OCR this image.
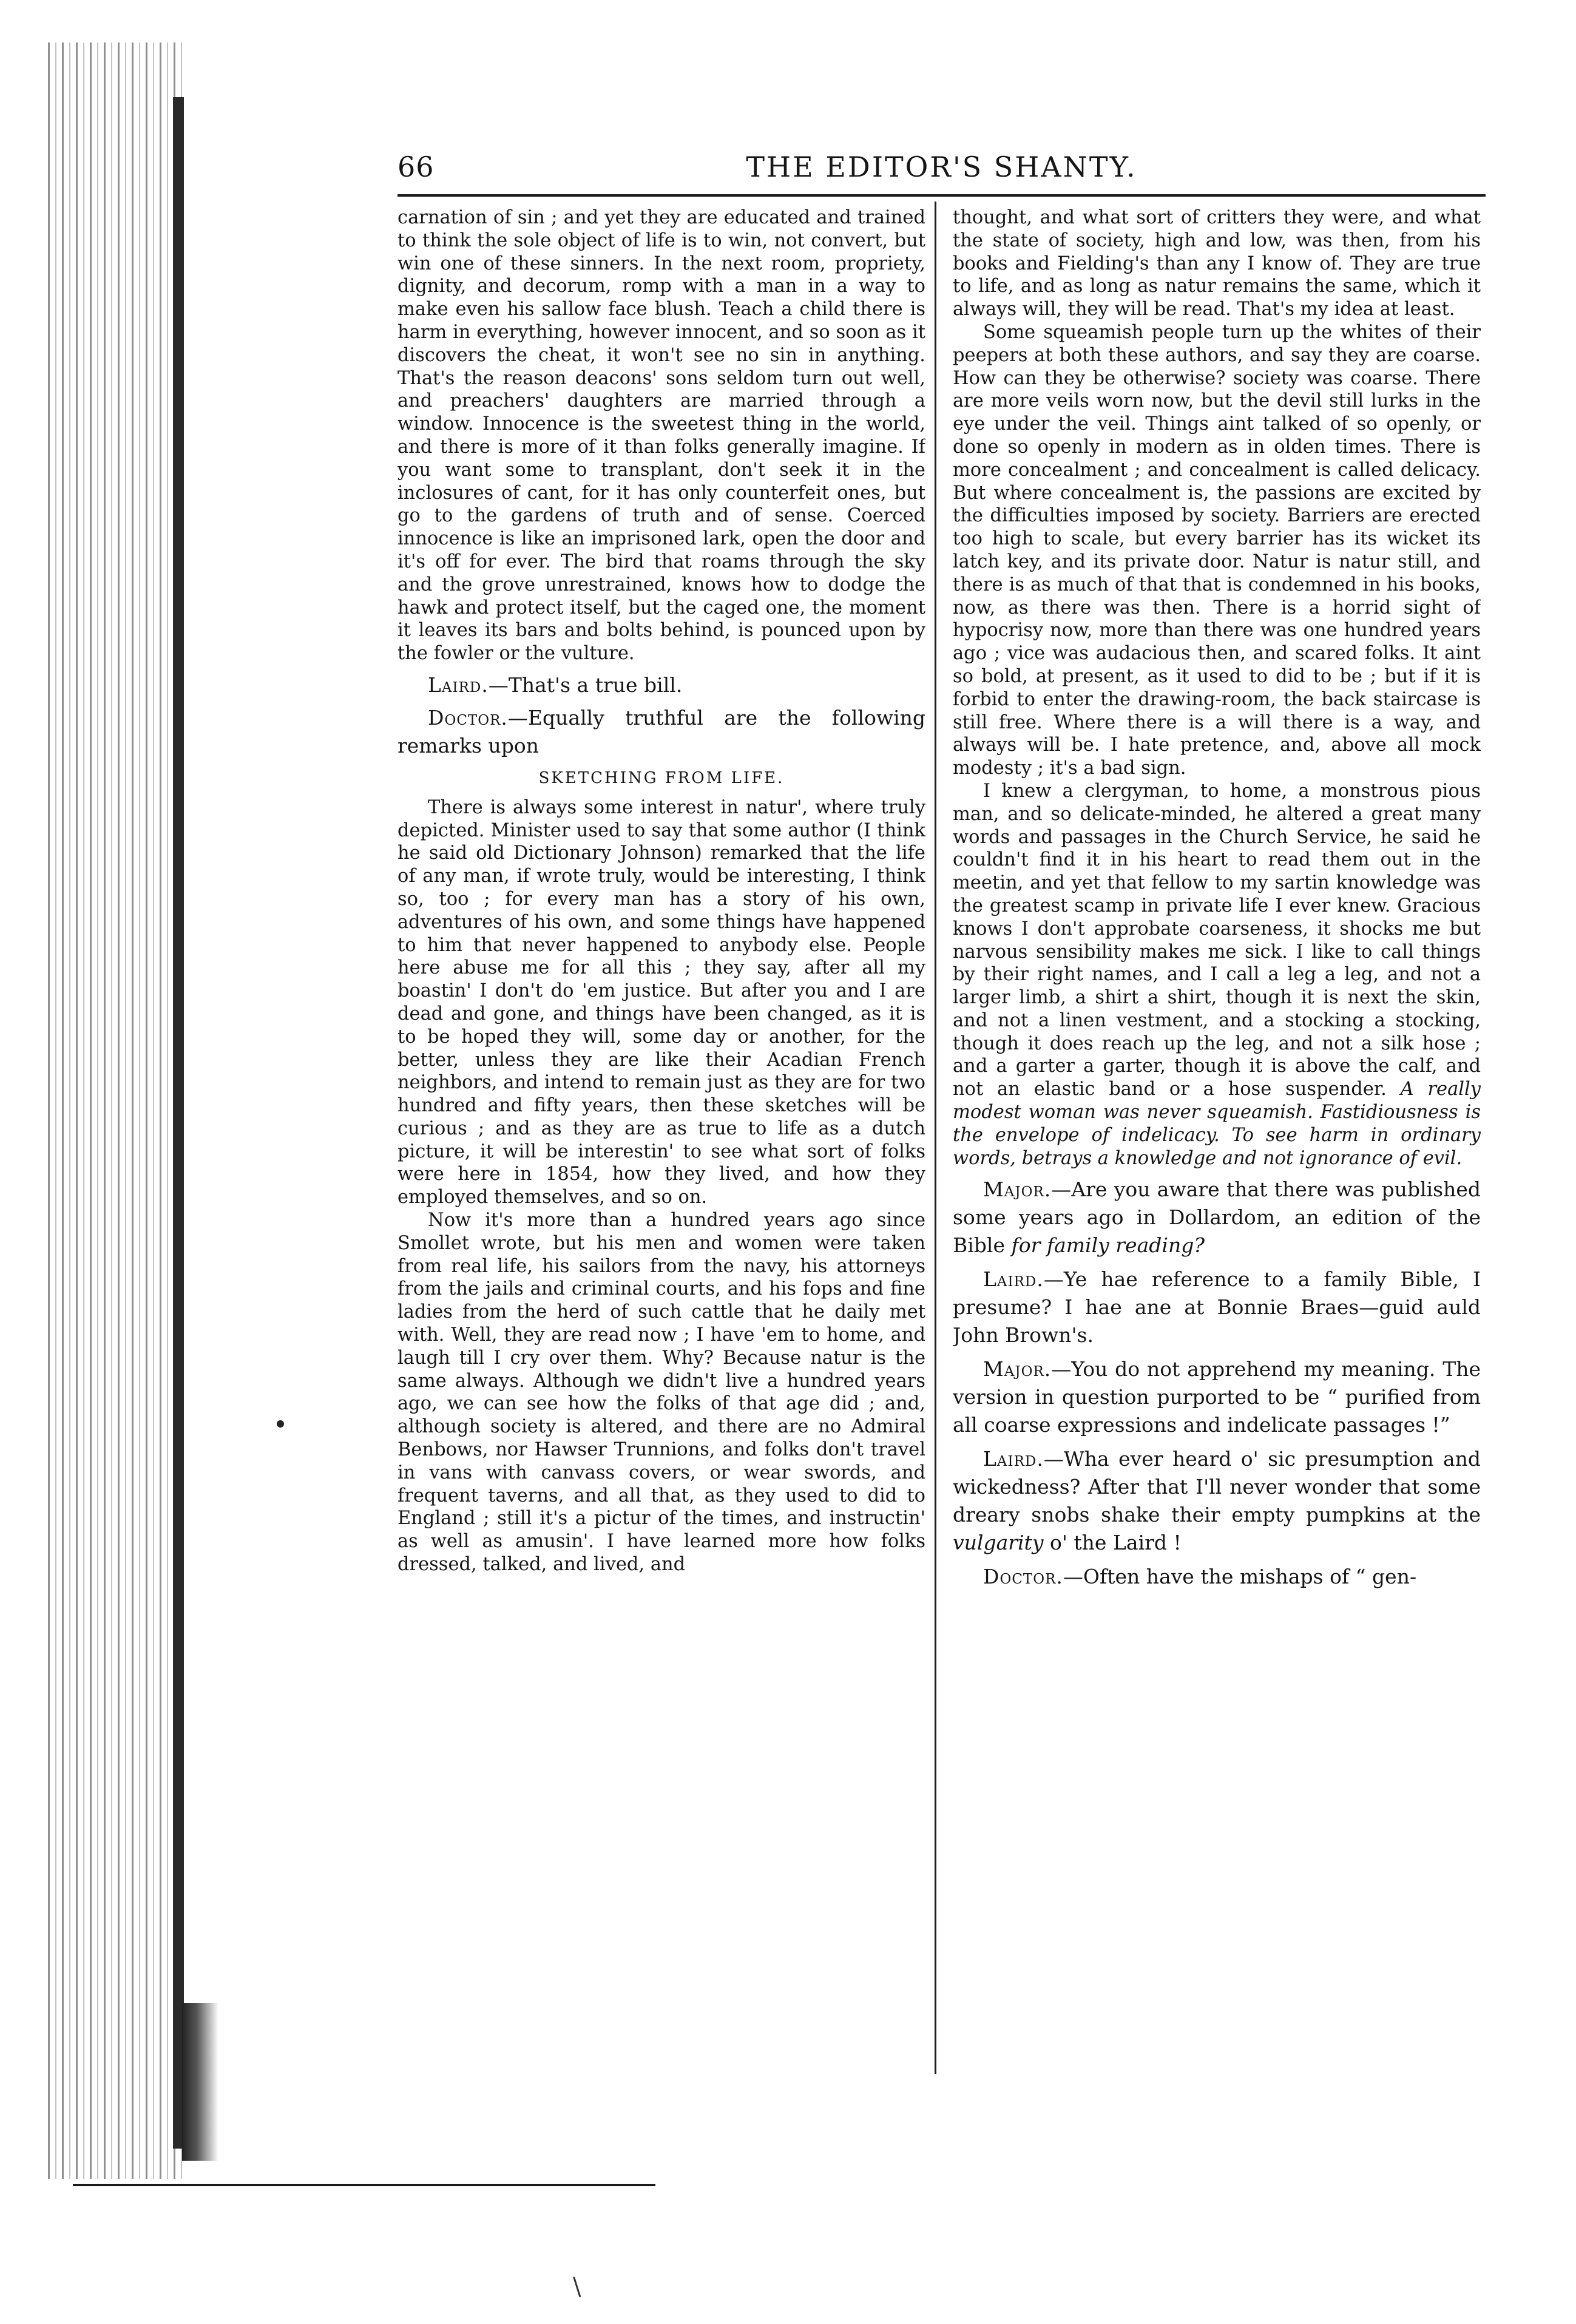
\
66	THE EDITOR'S SHANTY.

carnation of sin ; and yet they are educated and trained to think the sole object of life is to win, not convert, but win one of these sinners. In the next room, propriety, dignity, and decorum, romp with a man in a way to make even his sallow face blush. Teach a child there is harm in everything, however innocent, and so soon as it discovers the cheat, it won't see no sin in anything. That's the reason deacons' sons seldom turn out well, and preachers' daughters are married through a window. Innocence is the sweetest thing in the world, and there is more of it than folks generally imagine. If you want some to transplant, don't seek it in the inclosures of cant, for it has only counterfeit ones, but go to the gardens of truth and of sense. Coerced innocence is like an imprisoned lark, open the door and it's off for ever. The bird that roams through the sky and the grove unrestrained, knows how to dodge the hawk and protect itself, but the caged one, the moment it leaves its bars and bolts behind, is pounced upon by the fowler or the vulture.

Laird.—That's a true bill.

Doctor.—Equally truthful are the following remarks upon

SKETCHING FROM LIFE.

There is always some interest in natur', where truly depicted. Minister used to say that some author (I think he said old Dictionary Johnson) remarked that the life of any man, if wrote truly, would be interesting, I think so, too ; for every man has a story of his own, adventures of his own, and some things have happened to him that never happened to anybody else. People here abuse me for all this ; they say, after all my boastin' I don't do 'em justice. But after you and I are dead and gone, and things have been changed, as it is to be hoped they will, some day or another, for the better, unless they are like their Acadian French neighbors, and intend to remain just as they are for two hundred and fifty years, then these sketches will be curious ; and as they are as true to life as a dutch picture, it will be interestin' to see what sort of folks were here in 1854, how they lived, and how they employed themselves, and so on.

Now it's more than a hundred years ago since Smollet wrote, but his men and women were taken from real life, his sailors from the navy, his attorneys from the jails and criminal courts, and his fops and fine ladies from the herd of such cattle that he daily met with. Well, they are read now ; I have 'em to home, and laugh till I cry over them. Why? Because natur is the same always. Although we didn't live a hundred years ago, we can see how the folks of that age did ; and, although society is altered, and there are no Admiral Benbows, nor Hawser Trunnions, and folks don't travel in vans with canvass covers, or wear swords, and frequent taverns, and all that, as they used to did to England ; still it's a pictur of the times, and instructin' as well as amusin'. I have learned more how folks dressed, talked, and lived, and

thought, and what sort of critters they were, and what the state of society, high and low, was then, from his books and Fielding's than any I know of. They are true to life, and as long as natur remains the same, which it always will, they will be read. That's my idea at least.

Some squeamish people turn up the whites of their peepers at both these authors, and say they are coarse. How can they be otherwise? society was coarse. There are more veils worn now, but the devil still lurks in the eye under the veil. Things aint talked of so openly, or done so openly in modern as in olden times. There is more concealment ; and concealment is called delicacy. But where concealment is, the passions are excited by the difficulties imposed by society. Barriers are erected too high to scale, but every barrier has its wicket its latch key, and its private door. Natur is natur still, and there is as much of that that is condemned in his books, now, as there was then. There is a horrid sight of hypocrisy now, more than there was one hundred years ago ; vice was audacious then, and scared folks. It aint so bold, at present, as it used to did to be ; but if it is forbid to enter the drawing-room, the back staircase is still free. Where there is a will there is a way, and always will be. I hate pretence, and, above all mock modesty ; it's a bad sign.

I knew a clergyman, to home, a monstrous pious man, and so delicate-minded, he altered a great many words and passages in the Church Service, he said he couldn't find it in his heart to read them out in the meetin, and yet that fellow to my sartin knowledge was the greatest scamp in private life I ever knew. Gracious knows I don't approbate coarseness, it shocks me but narvous sensibility makes me sick. I like to call things by their right names, and I call a leg a leg, and not a larger limb, a shirt a shirt, though it is next the skin, and not a linen vestment, and a stocking a stocking, though it does reach up the leg, and not a silk hose ; and a garter a garter, though it is above the calf, and not an elastic band or a hose suspender. A really modest woman was never squeamish. Fastidiousness is the envelope of indelicacy. To see harm in ordinary words, betrays a knowledge and not ignorance of evil.

Major.—Are you aware that there was published some years ago in Dollardom, an edition of the Bible for family reading?

Laird.—Ye hae reference to a family Bible, I presume? I hae ane at Bonnie Braes—guid auld John Brown's.

Major.—You do not apprehend my meaning. The version in question purported to be “ purified from all coarse expressions and indelicate passages !”

Laird.—Wha ever heard o' sic presumption and wickedness? After that I'll never wonder that some dreary snobs shake their empty pumpkins at the vulgarity o' the Laird !

Doctor.—Often have the mishaps of “ gen-
